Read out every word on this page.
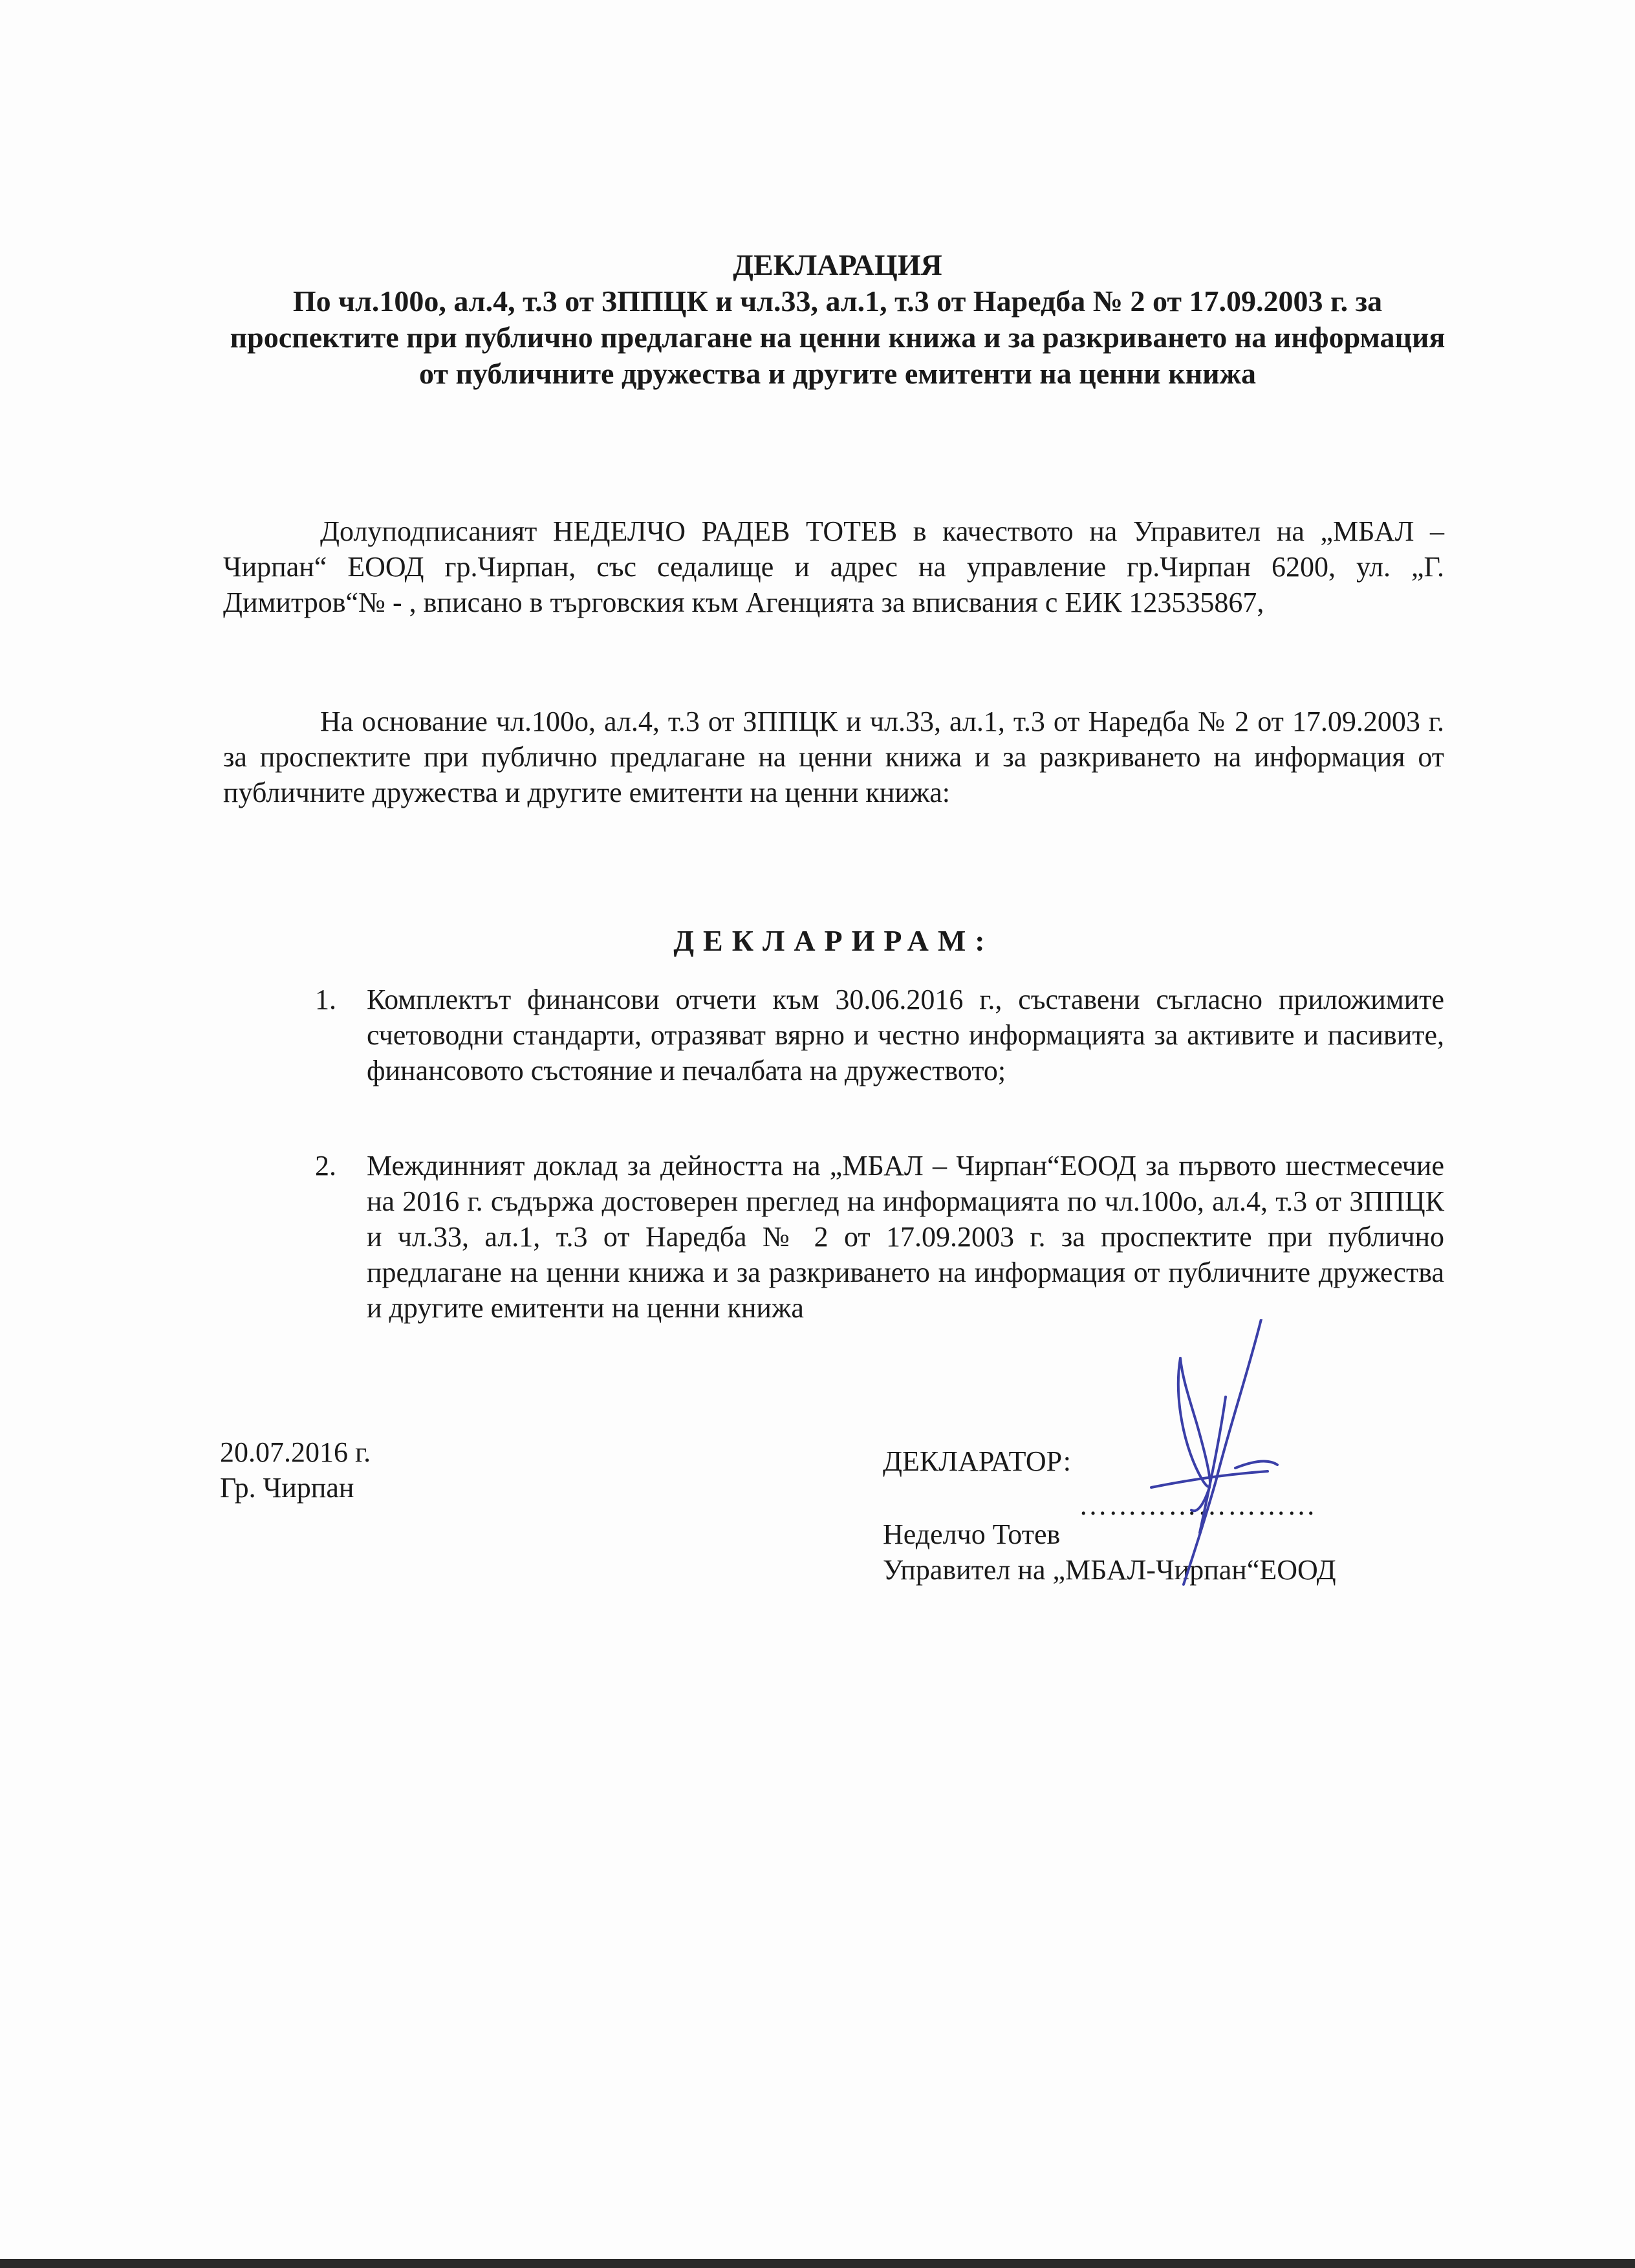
ДЕКЛАРАЦИЯ
По чл.100о, ал.4, т.3 от ЗППЦК и чл.33, ал.1, т.3 от Наредба № 2 от 17.09.2003 г. за проспектите при публично предлагане на ценни книжа и за разкриването на информация от публичните дружества и другите емитенти на ценни книжа
Долуподписаният НЕДЕЛЧО РАДЕВ ТОТЕВ в качеството на Управител на „МБАЛ – Чирпан“ ЕООД гр.Чирпан, със седалище и адрес на управление гр.Чирпан 6200, ул. „Г. Димитров“№ - , вписано в търговския към Агенцията за вписвания с ЕИК 123535867,
На основание чл.100о, ал.4, т.3 от ЗППЦК и чл.33, ал.1, т.3 от Наредба № 2 от 17.09.2003 г. за проспектите при публично предлагане на ценни книжа и за разкриването на информация от публичните дружества и другите емитенти на ценни книжа:
ДЕКЛАРИРАМ:
1. Комплектът финансови отчети към 30.06.2016 г., съставени съгласно приложимите счетоводни стандарти, отразяват вярно и честно информацията за активите и пасивите, финансовото състояние и печалбата на дружеството;
2. Междинният доклад за дейността на „МБАЛ – Чирпан“ЕООД за първото шестмесечие на 2016 г. съдържа достоверен преглед на информацията по чл.100о, ал.4, т.3 от ЗППЦК и чл.33, ал.1, т.3 от Наредба № 2 от 17.09.2003 г. за проспектите при публично предлагане на ценни книжа и за разкриването на информация от публичните дружества и другите емитенти на ценни книжа
20.07.2016 г.
Гр. Чирпан
ДЕКЛАРАТОР:
……………………
Неделчо Тотев
Управител на „МБАЛ-Чирпан“ЕООД
